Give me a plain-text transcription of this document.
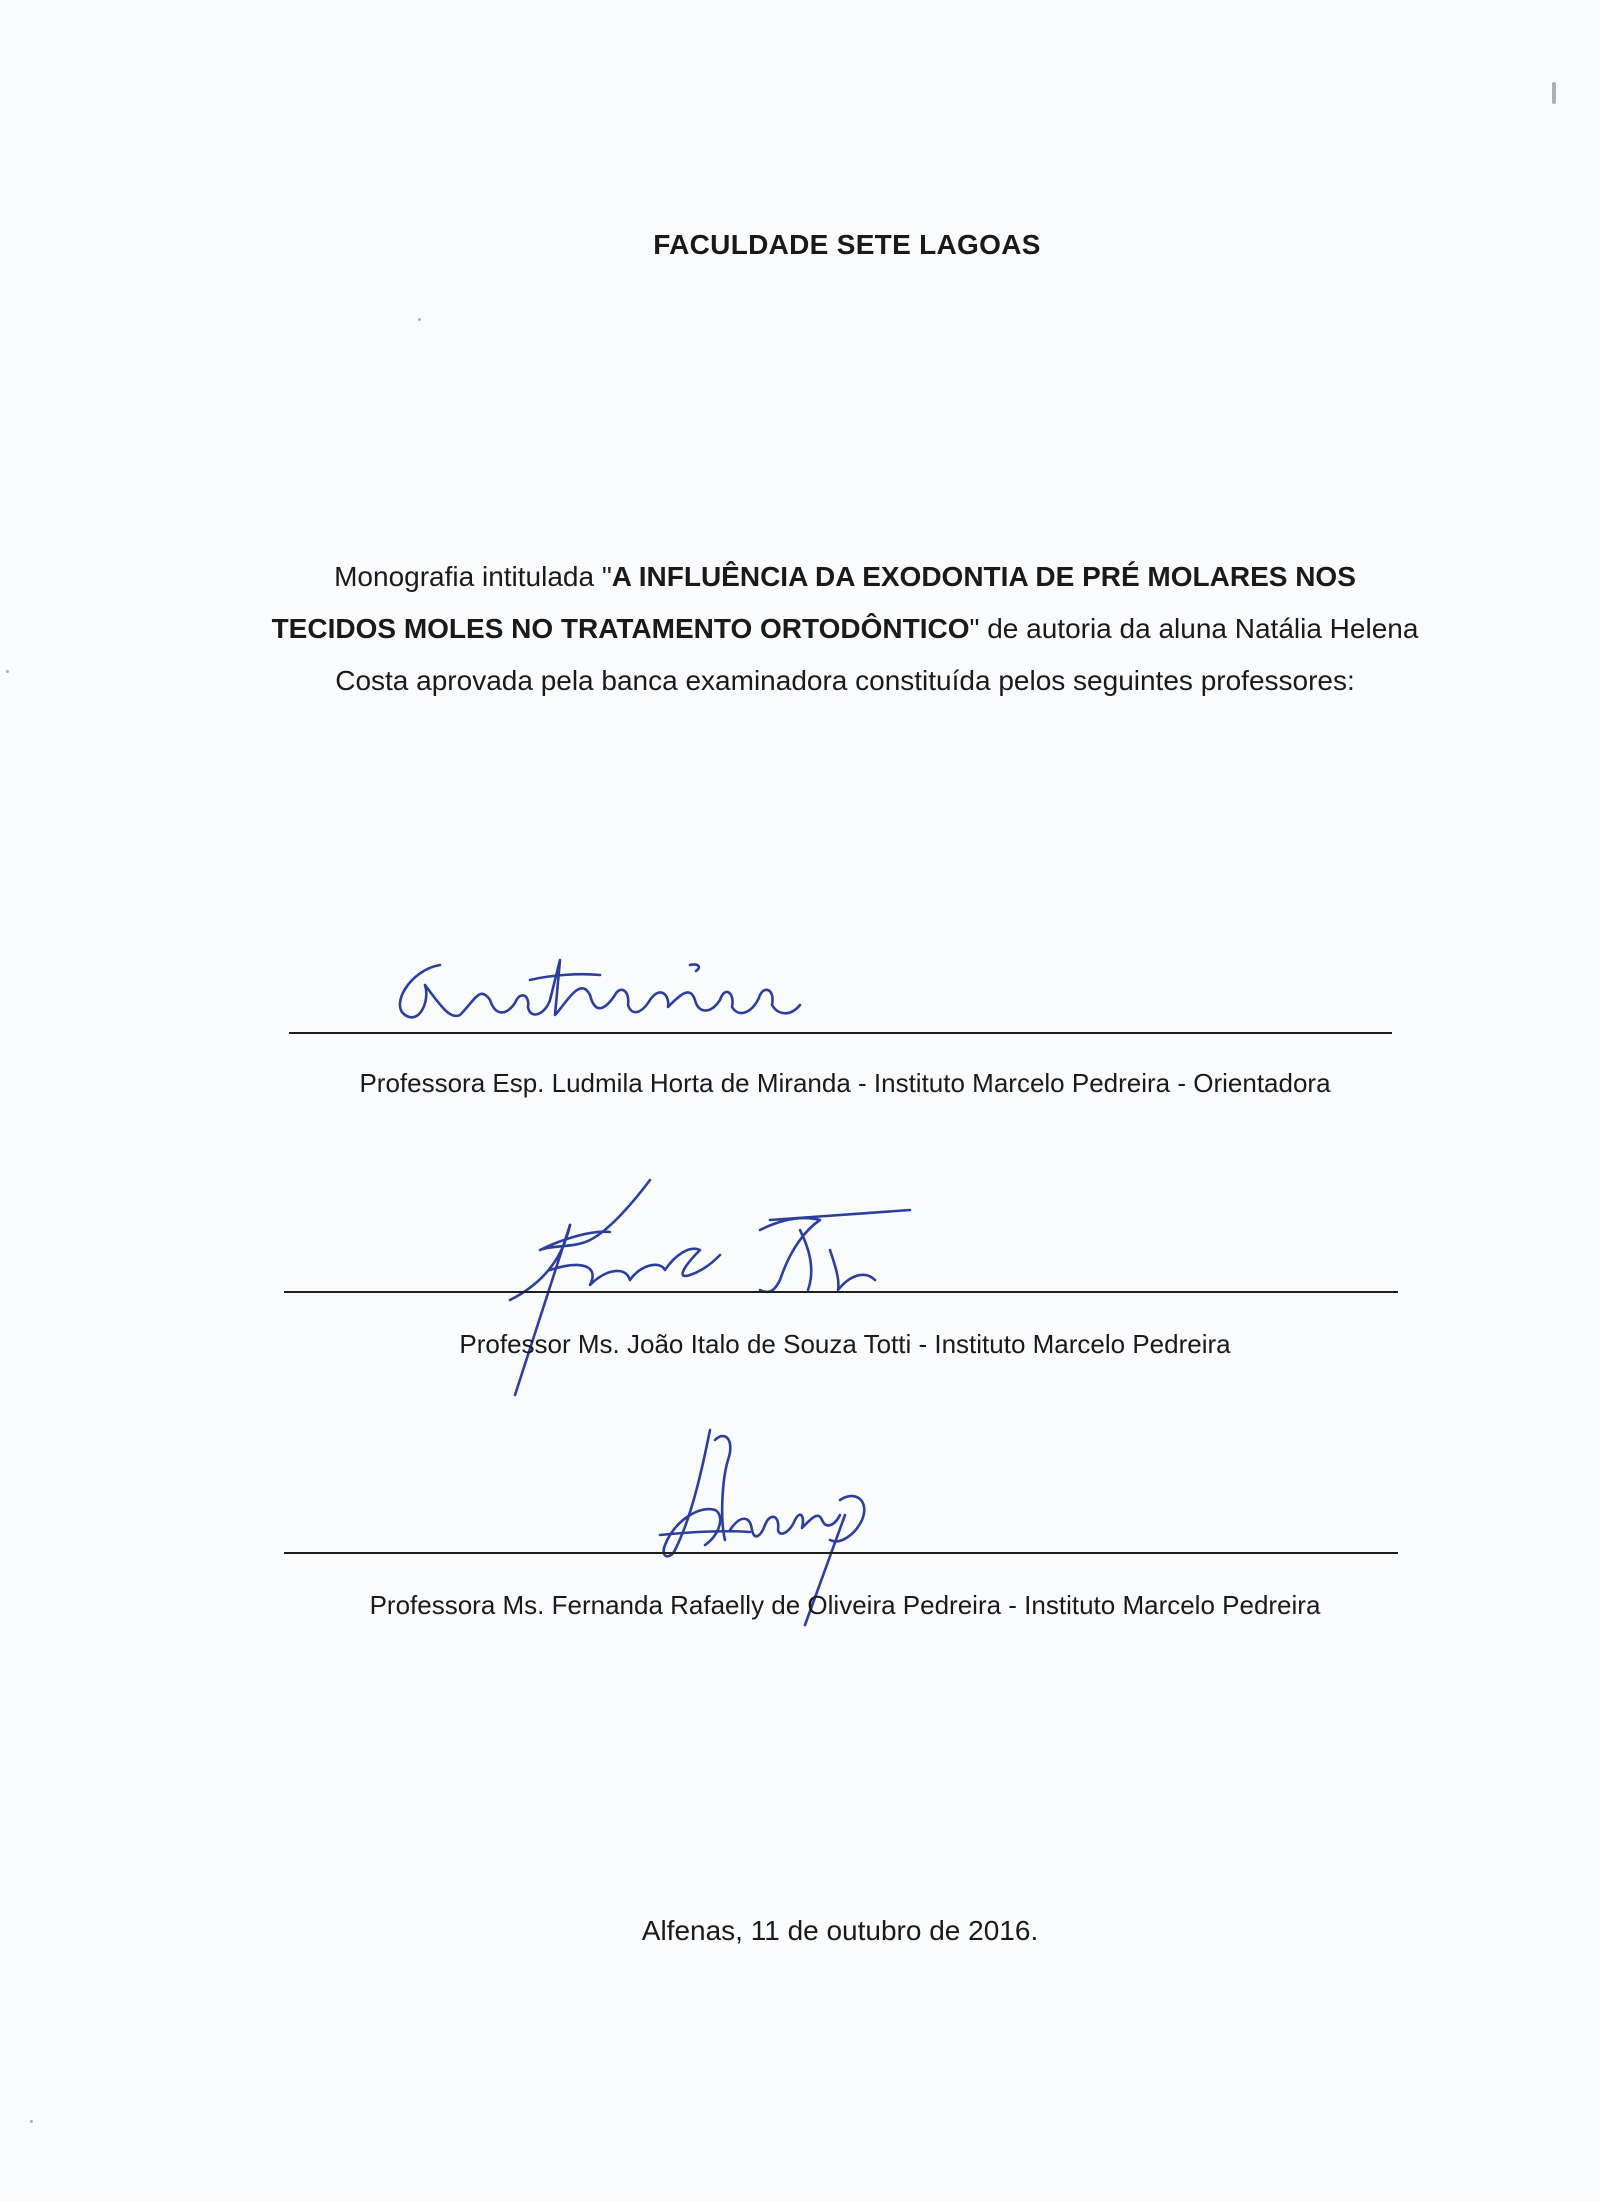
FACULDADE SETE LAGOAS
Monografia intitulada "A INFLUÊNCIA DA EXODONTIA DE PRÉ MOLARES NOS TECIDOS MOLES NO TRATAMENTO ORTODÔNTICO" de autoria da aluna Natália Helena Costa aprovada pela banca examinadora constituída pelos seguintes professores:
Professora Esp. Ludmila Horta de Miranda - Instituto Marcelo Pedreira - Orientadora
Professor Ms. João Italo de Souza Totti - Instituto Marcelo Pedreira
Professora Ms. Fernanda Rafaelly de Oliveira Pedreira - Instituto Marcelo Pedreira
Alfenas, 11 de outubro de 2016.
